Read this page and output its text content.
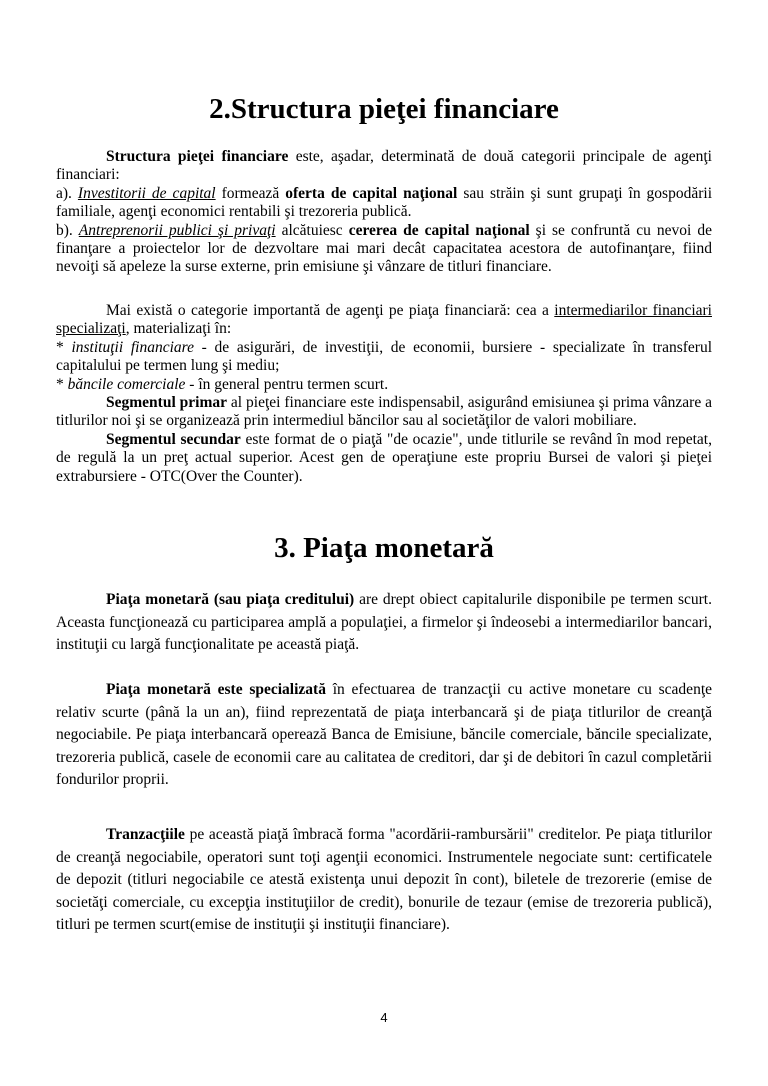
2.Structura pieţei financiare

Structura pieţei financiare este, aşadar, determinată de două categorii principale de agenţi financiari:

a). Investitorii de capital formează oferta de capital naţional sau străin şi sunt grupaţi în gospodării familiale, agenţi economici rentabili şi trezoreria publică.

b). Antreprenorii publici şi privaţi alcătuiesc cererea de capital naţional şi se confruntă cu nevoi de finanţare a proiectelor lor de dezvoltare mai mari decât capacitatea acestora de autofinanţare, fiind nevoiţi să apeleze la surse externe, prin emisiune şi vânzare de titluri financiare.

Mai există o categorie importantă de agenţi pe piaţa financiară: cea a intermediarilor financiari specializaţi, materializaţi în:

* instituţii financiare - de asigurări, de investiţii, de economii, bursiere - specializate în transferul capitalului pe termen lung şi mediu;

* băncile comerciale - în general pentru termen scurt.

Segmentul primar al pieţei financiare este indispensabil, asigurând emisiunea şi prima vânzare a titlurilor noi şi se organizează prin intermediul băncilor sau al societăţilor de valori mobiliare.

Segmentul secundar este format de o piaţă "de ocazie", unde titlurile se revând în mod repetat, de regulă la un preţ actual superior. Acest gen de operaţiune este propriu Bursei de valori şi pieţei extrabursiere - OTC(Over the Counter).

3. Piaţa monetară

Piaţa monetară (sau piaţa creditului) are drept obiect capitalurile disponibile pe termen scurt. Aceasta funcţionează cu participarea amplă a populaţiei, a firmelor şi îndeosebi a intermediarilor bancari, instituţii cu largă funcţionalitate pe această piaţă.

Piaţa monetară este specializată în efectuarea de tranzacţii cu active monetare cu scadenţe relativ scurte (până la un an), fiind reprezentată de piaţa interbancară şi de piaţa titlurilor de creanţă negociabile. Pe piaţa interbancară operează Banca de Emisiune, băncile comerciale, băncile specializate, trezoreria publică, casele de economii care au calitatea de creditori, dar şi de debitori în cazul completării fondurilor proprii.

Tranzacţiile pe această piaţă îmbracă forma "acordării-rambursării" creditelor. Pe piaţa titlurilor de creanţă negociabile, operatori sunt toţi agenţii economici. Instrumentele negociate sunt: certificatele de depozit (titluri negociabile ce atestă existenţa unui depozit în cont), biletele de trezorerie (emise de societăţi comerciale, cu excepţia instituţiilor de credit), bonurile de tezaur (emise de trezoreria publică), titluri pe termen scurt(emise de instituţii şi instituţii financiare).

4
